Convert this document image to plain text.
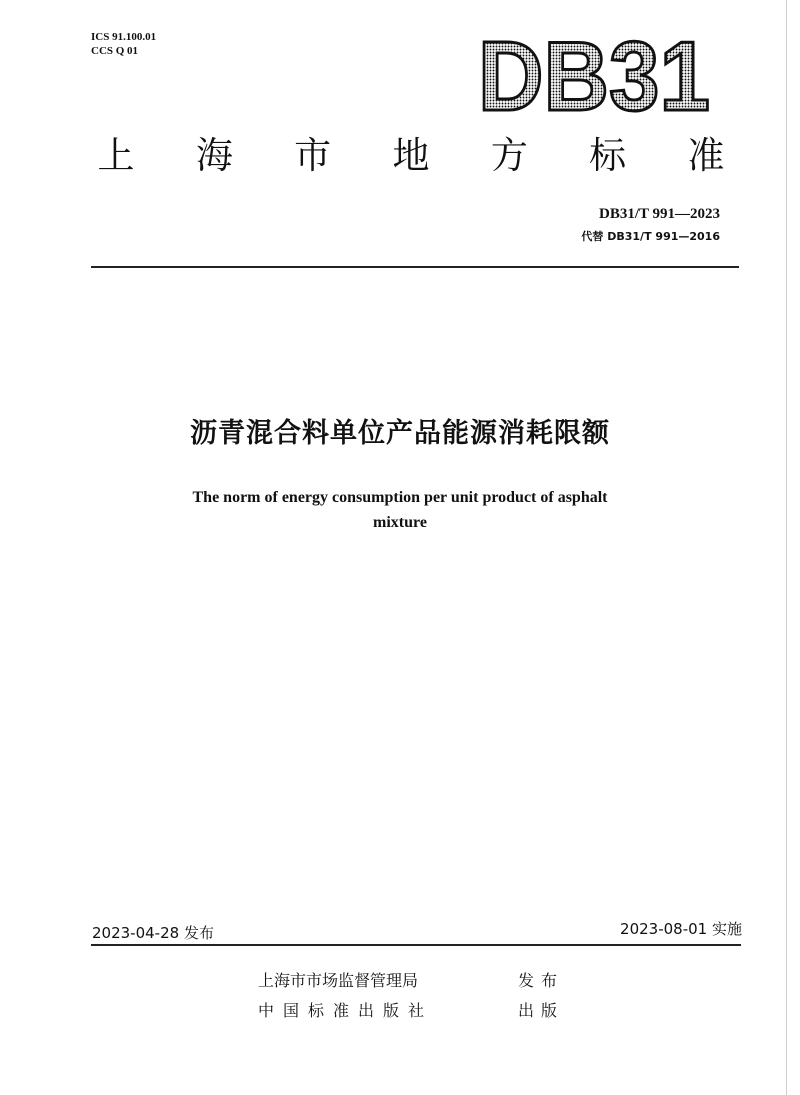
ICS 91.100.01
CCS Q 01	DB31
上	海	市	地	方	标	准
DB31/T 991—2023
代替 DB31/T 991—2016
沥青混合料单位产品能源消耗限额
The norm of energy consumption per unit product of asphalt
mixture
2023-04-28 发布	2023-08-01 实施
上海市市场监督管理局	发布
中国标准出版社	出版
